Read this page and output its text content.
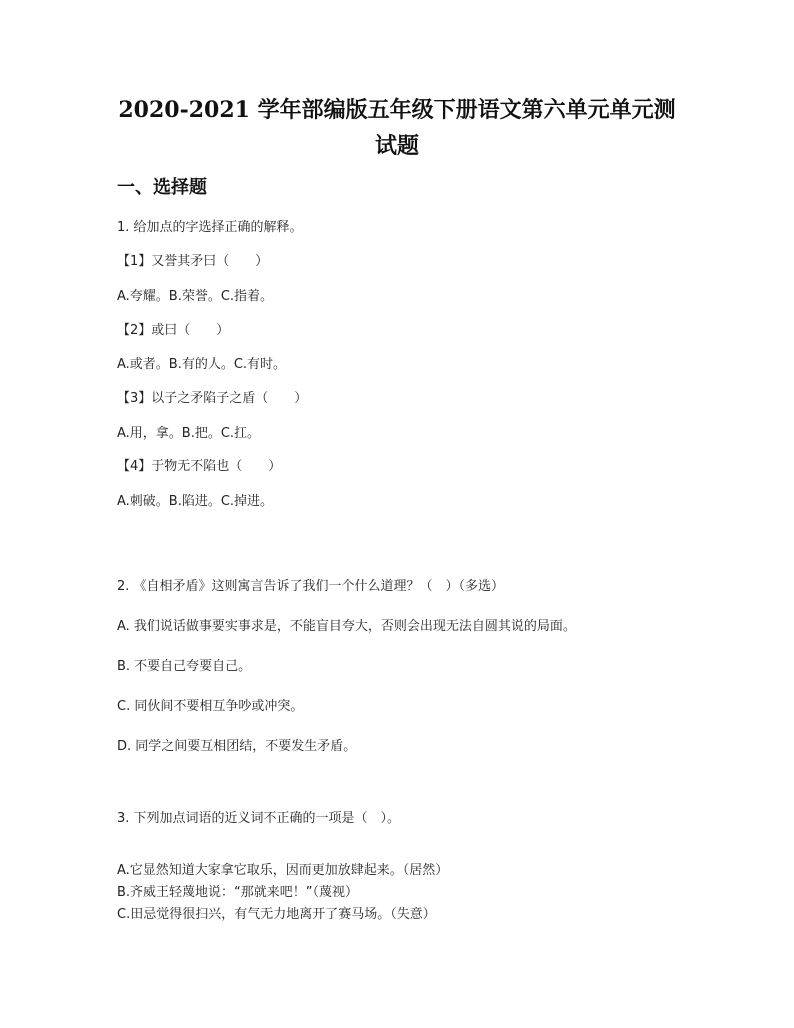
2020-2021 学年部编版五年级下册语文第六单元单元测
试题
一、选择题
1. 给加点的字选择正确的解释。
【1】又誉其矛曰（　　）
A.夸耀。B.荣誉。C.指着。
【2】或曰（　　）
A.或者。B.有的人。C.有时。
【3】以子之矛陷子之盾（　　）
A.用，拿。B.把。C.扛。
【4】于物无不陷也（　　）
A.刺破。B.陷进。C.掉进。
2. 《自相矛盾》这则寓言告诉了我们一个什么道理？（　）（多选）
A. 我们说话做事要实事求是，不能盲目夸大，否则会出现无法自圆其说的局面。
B. 不要自己夸要自己。
C. 同伙间不要相互争吵或冲突。
D. 同学之间要互相团结，不要发生矛盾。
3. 下列加点词语的近义词不正确的一项是（　）。
A.它显然知道大家拿它取乐，因而更加放肆起来。（居然）
B.齐威王轻蔑地说：“那就来吧！”（蔑视）
C.田忌觉得很扫兴，有气无力地离开了赛马场。（失意）
